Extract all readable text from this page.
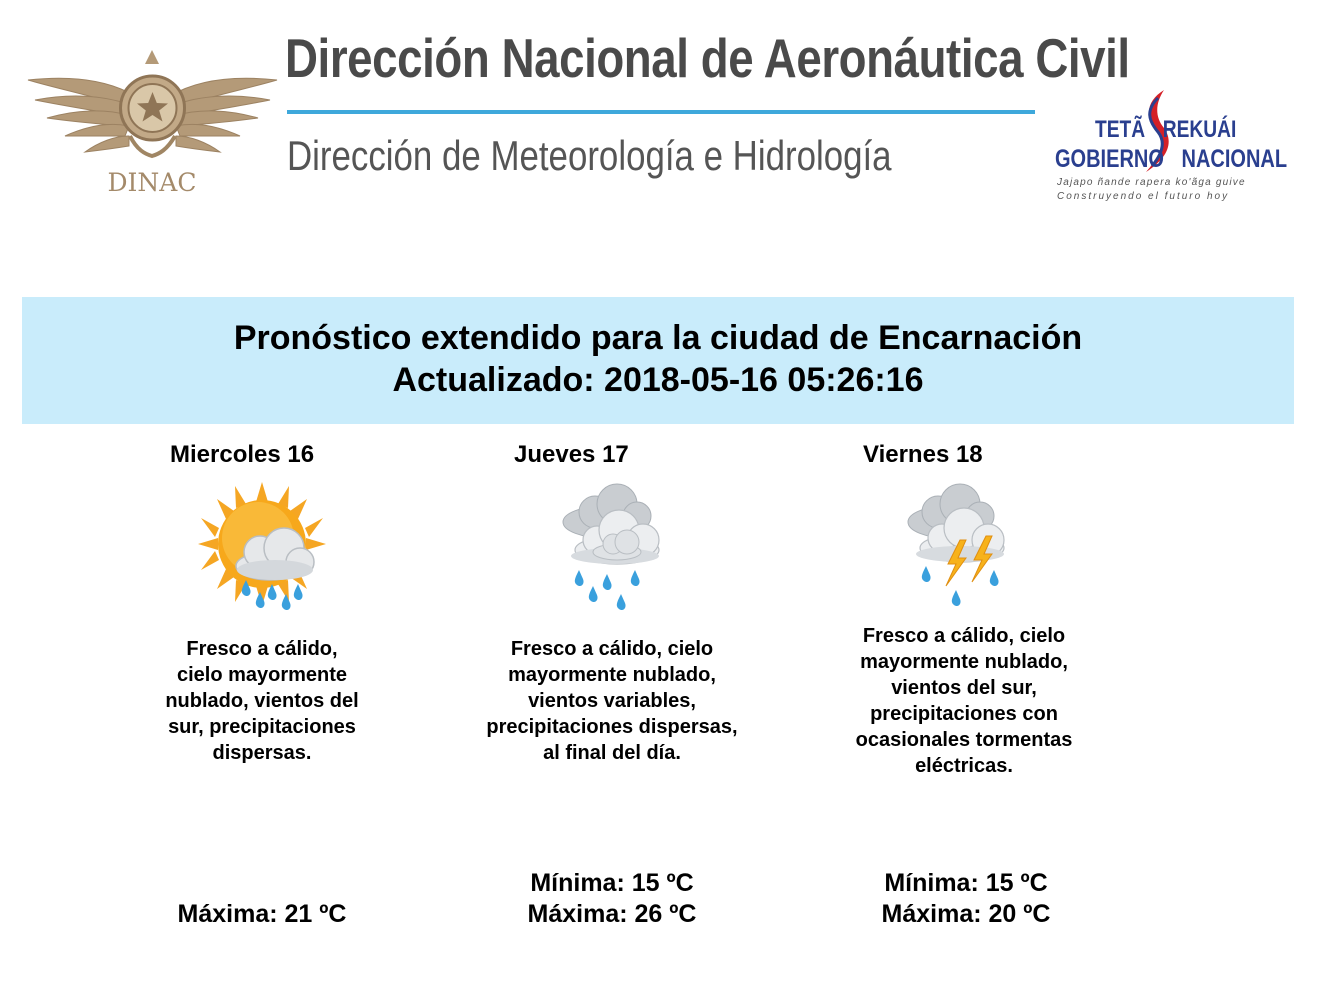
DINAC
Dirección Nacional de Aeronáutica Civil
Dirección de Meteorología e Hidrología
TETÃ REKUÁI
GOBIERNO NACIONAL
Jajapo ñande rapera ko'ãga guive
Construyendo el futuro hoy
Pronóstico extendido para la ciudad de Encarnación
Actualizado: 2018-05-16 05:26:16
Miercoles 16
Fresco a cálido, cielo mayormente nublado, vientos del sur, precipitaciones dispersas.
Máxima: 21 ºC
Jueves 17
Fresco a cálido, cielo mayormente nublado, vientos variables, precipitaciones dispersas, al final del día.
Mínima: 15 ºC
Máxima: 26 ºC
Viernes 18
Fresco a cálido, cielo mayormente nublado, vientos del sur, precipitaciones con ocasionales tormentas eléctricas.
Mínima: 15 ºC
Máxima: 20 ºC
